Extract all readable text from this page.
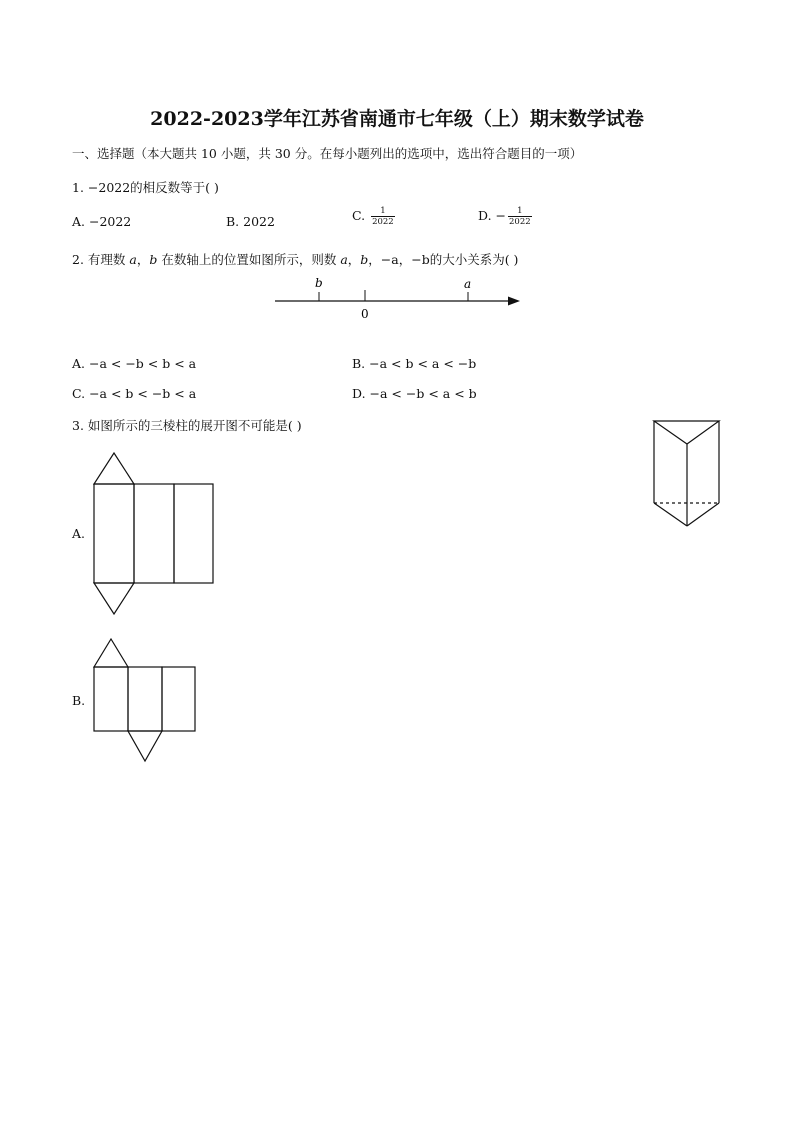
2022-2023学年江苏省南通市七年级（上）期末数学试卷
一、选择题（本大题共 10 小题，共 30 分。在每小题列出的选项中，选出符合题目的一项）
1. −2022的相反数等于( )
A. −2022	B. 2022	C. $\frac{1}{2022}$	D. − $\frac{1}{2022}$
2. 有理数 a，b 在数轴上的位置如图所示，则数 a，b，−a，−b的大小关系为( )
b
0
a
A. −a < −b < b < a	B. −a < b < a < −b
C. −a < b < −b < a	D. −a < −b < a < b
3. 如图所示的三棱柱的展开图不可能是( )
A.
B.
